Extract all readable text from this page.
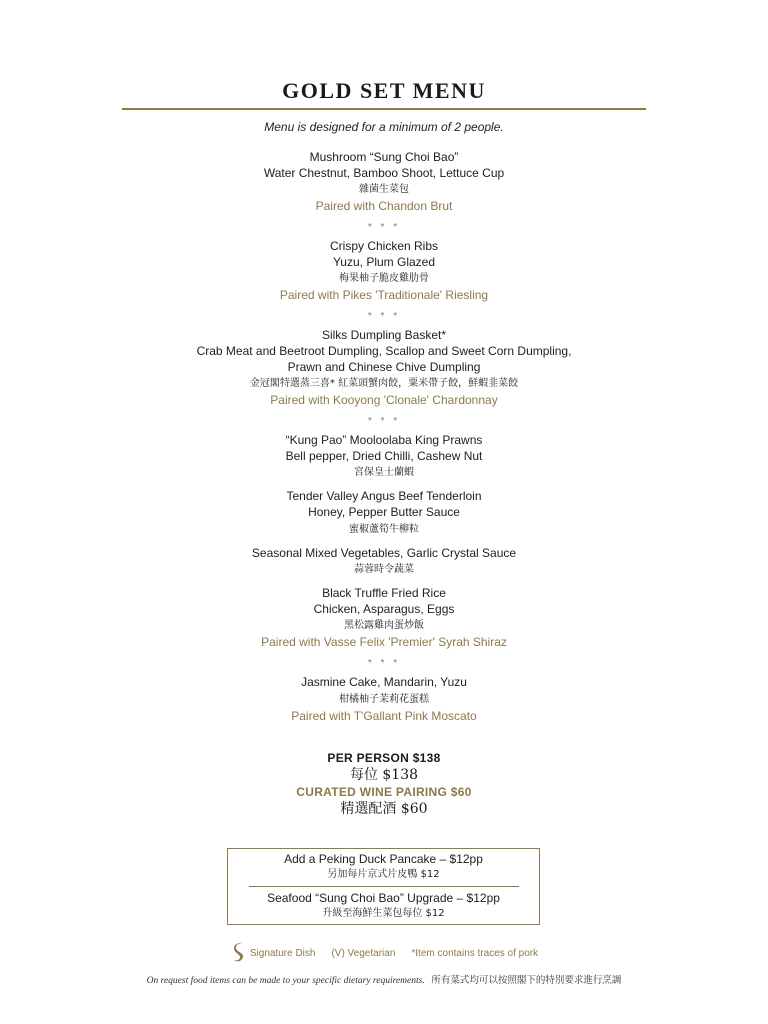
GOLD SET MENU
Menu is designed for a minimum of 2 people.
Mushroom “Sung Choi Bao”
Water Chestnut, Bamboo Shoot, Lettuce Cup
雜菌生菜包
Paired with Chandon Brut
* * *
Crispy Chicken Ribs
Yuzu, Plum Glazed
梅果柚子脆皮雞肋骨
Paired with Pikes 'Traditionale' Riesling
* * *
Silks Dumpling Basket*
Crab Meat and Beetroot Dumpling, Scallop and Sweet Corn Dumpling,
Prawn and Chinese Chive Dumpling
金冠閣特選蒸三喜* 紅菜頭蟹肉餃，粟米帶子餃，鮮蝦韭菜餃
Paired with Kooyong 'Clonale' Chardonnay
* * *
“Kung Pao” Mooloolaba King Prawns
Bell pepper, Dried Chilli, Cashew Nut
宮保皇士蘭蝦
Tender Valley Angus Beef Tenderloin
Honey, Pepper Butter Sauce
蜜椒蘆筍牛柳粒
Seasonal Mixed Vegetables, Garlic Crystal Sauce
蒜蓉時令蔬菜
Black Truffle Fried Rice
Chicken, Asparagus, Eggs
黑松露雞肉蛋炒飯
Paired with Vasse Felix 'Premier' Syrah Shiraz
* * *
Jasmine Cake, Mandarin, Yuzu
柑橘柚子茉莉花蛋糕
Paired with T'Gallant Pink Moscato
PER PERSON $138
每位 $138
CURATED WINE PAIRING $60
精選配酒 $60
Add a Peking Duck Pancake – $12pp
另加每片京式片皮鴨 $12
Seafood “Sung Choi Bao” Upgrade – $12pp
升級至海鮮生菜包每位 $12
Signature Dish (V) Vegetarian *Item contains traces of pork
On request food items can be made to your specific dietary requirements. 所有菜式均可以按照閣下的特別要求進行烹調
